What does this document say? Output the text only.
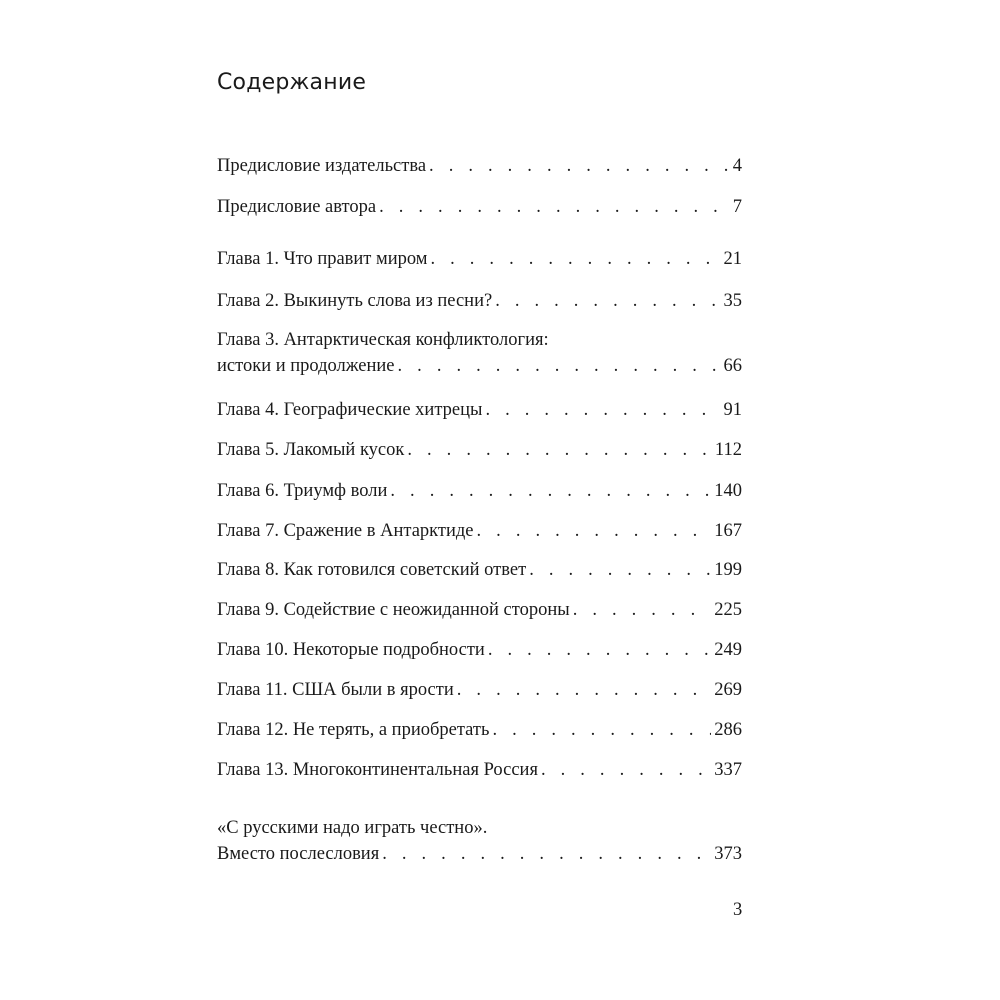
Содержание
Предисловие издательства . . .	4
Предисловие автора . . .	7
Глава 1. Что правит миром . . .	21
Глава 2. Выкинуть слова из песни? . . .	35
Глава 3. Антарктическая конфликтология:
истоки и продолжение . . .	66
Глава 4. Географические хитрецы . . .	91
Глава 5. Лакомый кусок . . .	112
Глава 6. Триумф воли . . .	140
Глава 7. Сражение в Антарктиде . . .	167
Глава 8. Как готовился советский ответ . . .	199
Глава 9. Содействие с неожиданной стороны . . .	225
Глава 10. Некоторые подробности . . .	249
Глава 11. США были в ярости . . .	269
Глава 12. Не терять, а приобретать . . .	286
Глава 13. Многоконтинентальная Россия . . .	337
«С русскими надо играть честно».
Вместо послесловия . . .	373
3
